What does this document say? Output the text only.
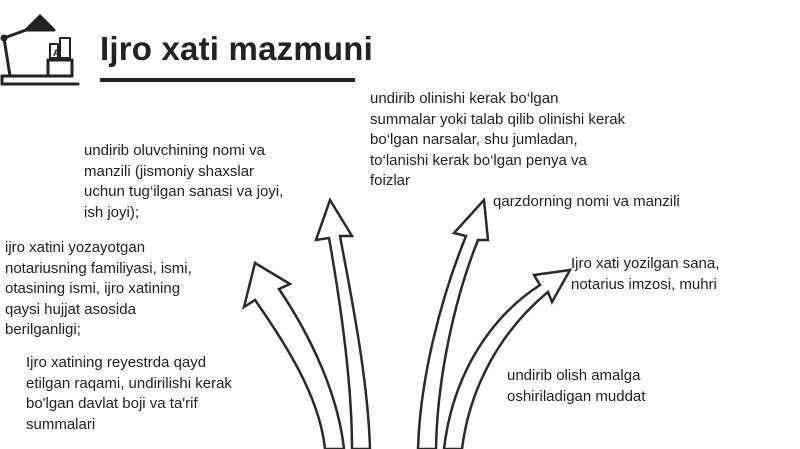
A Ijro xati mazmuni
undirib oluvchining nomi va
manzili (jismoniy shaxslar
uchun tug‘ilgan sanasi va joyi,
ish joyi);
ijro xatini yozayotgan
notariusning familiyasi, ismi,
otasining ismi, ijro xatining
qaysi hujjat asosida
berilganligi;
Ijro xatining reyestrda qayd
etilgan raqami, undirilishi kerak
bo'lgan davlat boji va ta'rif
summalari
undirib olinishi kerak bo‘lgan
summalar yoki talab qilib olinishi kerak
bo‘lgan narsalar, shu jumladan,
to‘lanishi kerak bo‘lgan penya va
foizlar
qarzdorning nomi va manzili
Ijro xati yozilgan sana,
notarius imzosi, muhri
undirib olish amalga
oshiriladigan muddat
